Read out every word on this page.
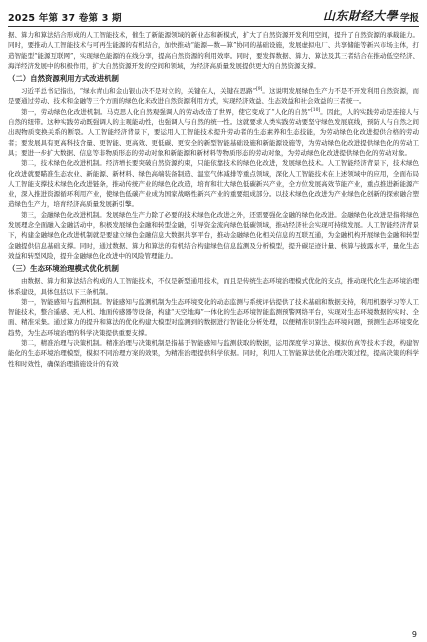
2025 年第 37 卷第 3 期	山东財经大學 学报

据、算力和算法结合形成的人工智能技术，催生了新能源领域的新业态和新模式，扩大了自然资源开发利用空间，提升了自然资源的承载能力。同时，要推动人工智能技术与可再生能源的有机结合，加快推动“能源—数—算”协同的基础设施，发展虚拟电厂、共享储能等新兴市场主体，打造智能型“能源互联网”，实现绿色能源的在线分享，提高自然资源的利用效率。同时，要发挥数据、算力、算法及其三者结合在推动低空经济、海洋经济发展中的积极作用，扩大自然资源开发的空间和领域，为经济高质量发展提供更大的自然资源支撑。

（二）自然资源利用方式改进机制

习近平总书记指出，“绿水青山和金山银山决不是对立的，关键在人，关键在思路”[9]。这说明发展绿色生产力不是不开发利用自然资源，而是要通过劳动、技术和金融等三个方面的绿色化来改进自然资源利用方式，实现经济效益、生态效益和社会效益的三者统一。

第一，劳动绿色化改进机制。马克思人化自然观强调人的劳动改造了世界，使它变成了“人化的自然”[10]。因此，人的实践劳动是连接人与自然的纽带。这种实践劳动既强调人的主观能动性，也强调人与自然的统一性。这就要求人类实践劳动要坚守绿色发展底线，预防人与自然之间出现物质变换关系的断裂。人工智能经济背景下，要运用人工智能技术提升劳动者的生态素养和生态技能，为劳动绿色化改进提供合格的劳动者；要发展具有更高科技含量、更智能、更高效、更低碳、更安全的新型智能基础设施和新能源设施等，为劳动绿色化改进提供绿色化的劳动工具；要进一步扩大数据、信息等非物质形态的劳动对象和新能源和新材料等物质形态的劳动对象，为劳动绿色化改进提供绿色化的劳动对象。

第二，技术绿色化改进机制。经济增长要突破自然资源约束，只能依靠技术的绿色化改进，发展绿色技术。人工智能经济背景下，技术绿色化改进就要瞄准生态农业、新能源、新材料、绿色高端装备制造、温室气体减排等重点领域，深化人工智能技术在上述领域中的应用，全面布局人工智能支撑技术绿色化改进链条，推动传统产业的绿色化改造，培育和壮大绿色低碳新兴产业，全方位发展高效节能产业，重点推进新能源产业，深入推进资源循环利用产业，使绿色低碳产业成为国家战略性新兴产业的重要组成部分。以技术绿色化改进为产业绿色化创新的探索融合塑造绿色生产力，培育经济高质量发展新引擎。

第三，金融绿色化改进机制。发展绿色生产力除了必要的技术绿色化改进之外，还需要强化金融的绿色化改进。金融绿色化改进是指将绿色发展理念全面融入金融活动中，积极发展绿色金融和转型金融，引导资金流向绿色低碳领域，推动经济社会实现可持续发展。人工智能经济背景下，构建金融绿色化改进机制就是要建立绿色金融信息大数据共享平台，推动金融绿色化相关信息的互联互通，为金融机构开展绿色金融和转型金融提供信息基础支撑。同时，通过数据、算力和算法的有机结合构建绿色信息监测及分析模型，提升碳足迹计量、核算与披露水平，量化生态效益和转型风险，提升金融绿色化改进中的风险管理能力。

（三）生态环境治理模式优化机制

由数据、算力和算法结合构成的人工智能技术，不仅是新型通用技术，而且是传统生态环境治理模式优化的支点，推动现代化生态环境治理体系建设，具体包括以下三条机制。

第一，智能感知与监测机制。智能感知与监测机制为生态环境变化的动态监测与系统评估提供了技术基础和数据支持，利用机器学习等人工智能技术，整合遥感、无人机、地面传感器等设备，构建“天空地海”一体化的生态环境智能监测预警网络平台，实现对生态环境数据的实时、全面、精准采集。通过算力的提升和算法的优化构建大模型对监测到的数据进行智能化分析处理，以便精准识别生态环境问题，预测生态环境变化趋势，为生态环境治理的科学决策提供重要支撑。

第二，精准治理与决策机制。精准治理与决策机制是指基于智能感知与监测获取的数据，运用深度学习算法、模拟仿真等技术手段，构建智能化的生态环境治理模型，模拟不同治理方案的效果，为精准治理提供科学依据。同时，利用人工智能算法优化治理决策过程，提高决策的科学性和时效性，确保治理措施设计的有效

9
